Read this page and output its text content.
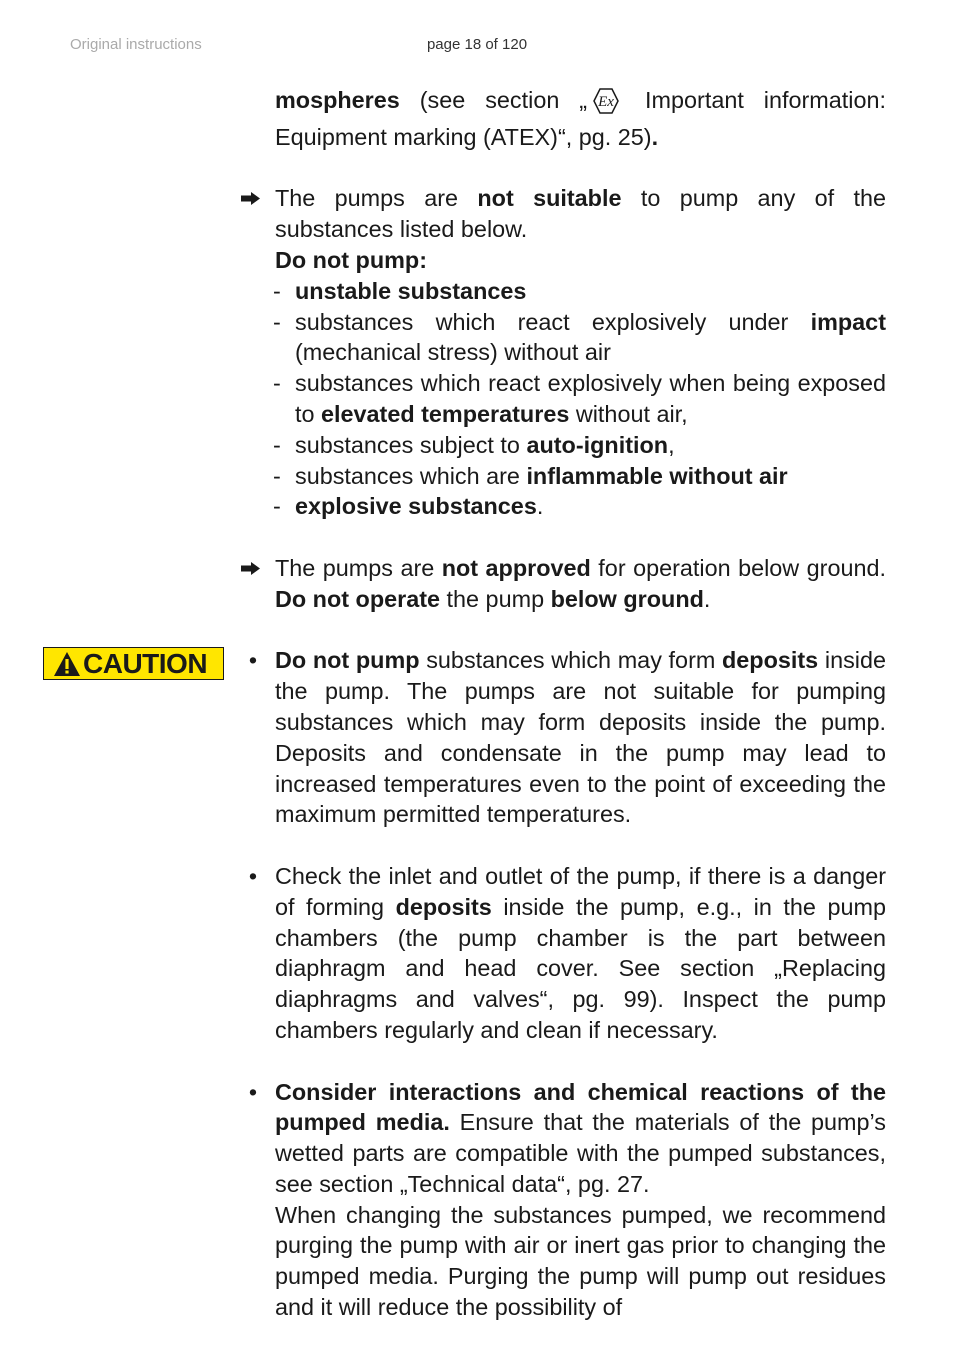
Original instructions	page 18 of 120
CAUTION

mospheres (see section „ Ex Important information: Equipment marking (ATEX)“, pg. 25).

The pumps are not suitable to pump any of the substances listed below.

Do not pump:

- unstable substances
- substances which react explosively under impact (mechanical stress) without air
- substances which react explosively when being exposed to elevated temperatures without air,
- substances subject to auto-ignition,
- substances which are inflammable without air
- explosive substances.

The pumps are not approved for operation below ground. Do not operate the pump below ground.

• Do not pump substances which may form deposits inside the pump. The pumps are not suitable for pumping substances which may form deposits inside the pump. Deposits and condensate in the pump may lead to increased temperatures even to the point of exceeding the maximum permitted temperatures.

• Check the inlet and outlet of the pump, if there is a danger of forming deposits inside the pump, e.g., in the pump chambers (the pump chamber is the part between diaphragm and head cover. See section „Replacing diaphragms and valves“, pg. 99). Inspect the pump chambers regularly and clean if necessary.

• Consider interactions and chemical reactions of the pumped media. Ensure that the materials of the pump’s wetted parts are compatible with the pumped substances, see section „Technical data“, pg. 27.

When changing the substances pumped, we recommend purging the pump with air or inert gas prior to changing the pumped media. Purging the pump will pump out residues and it will reduce the possibility of
